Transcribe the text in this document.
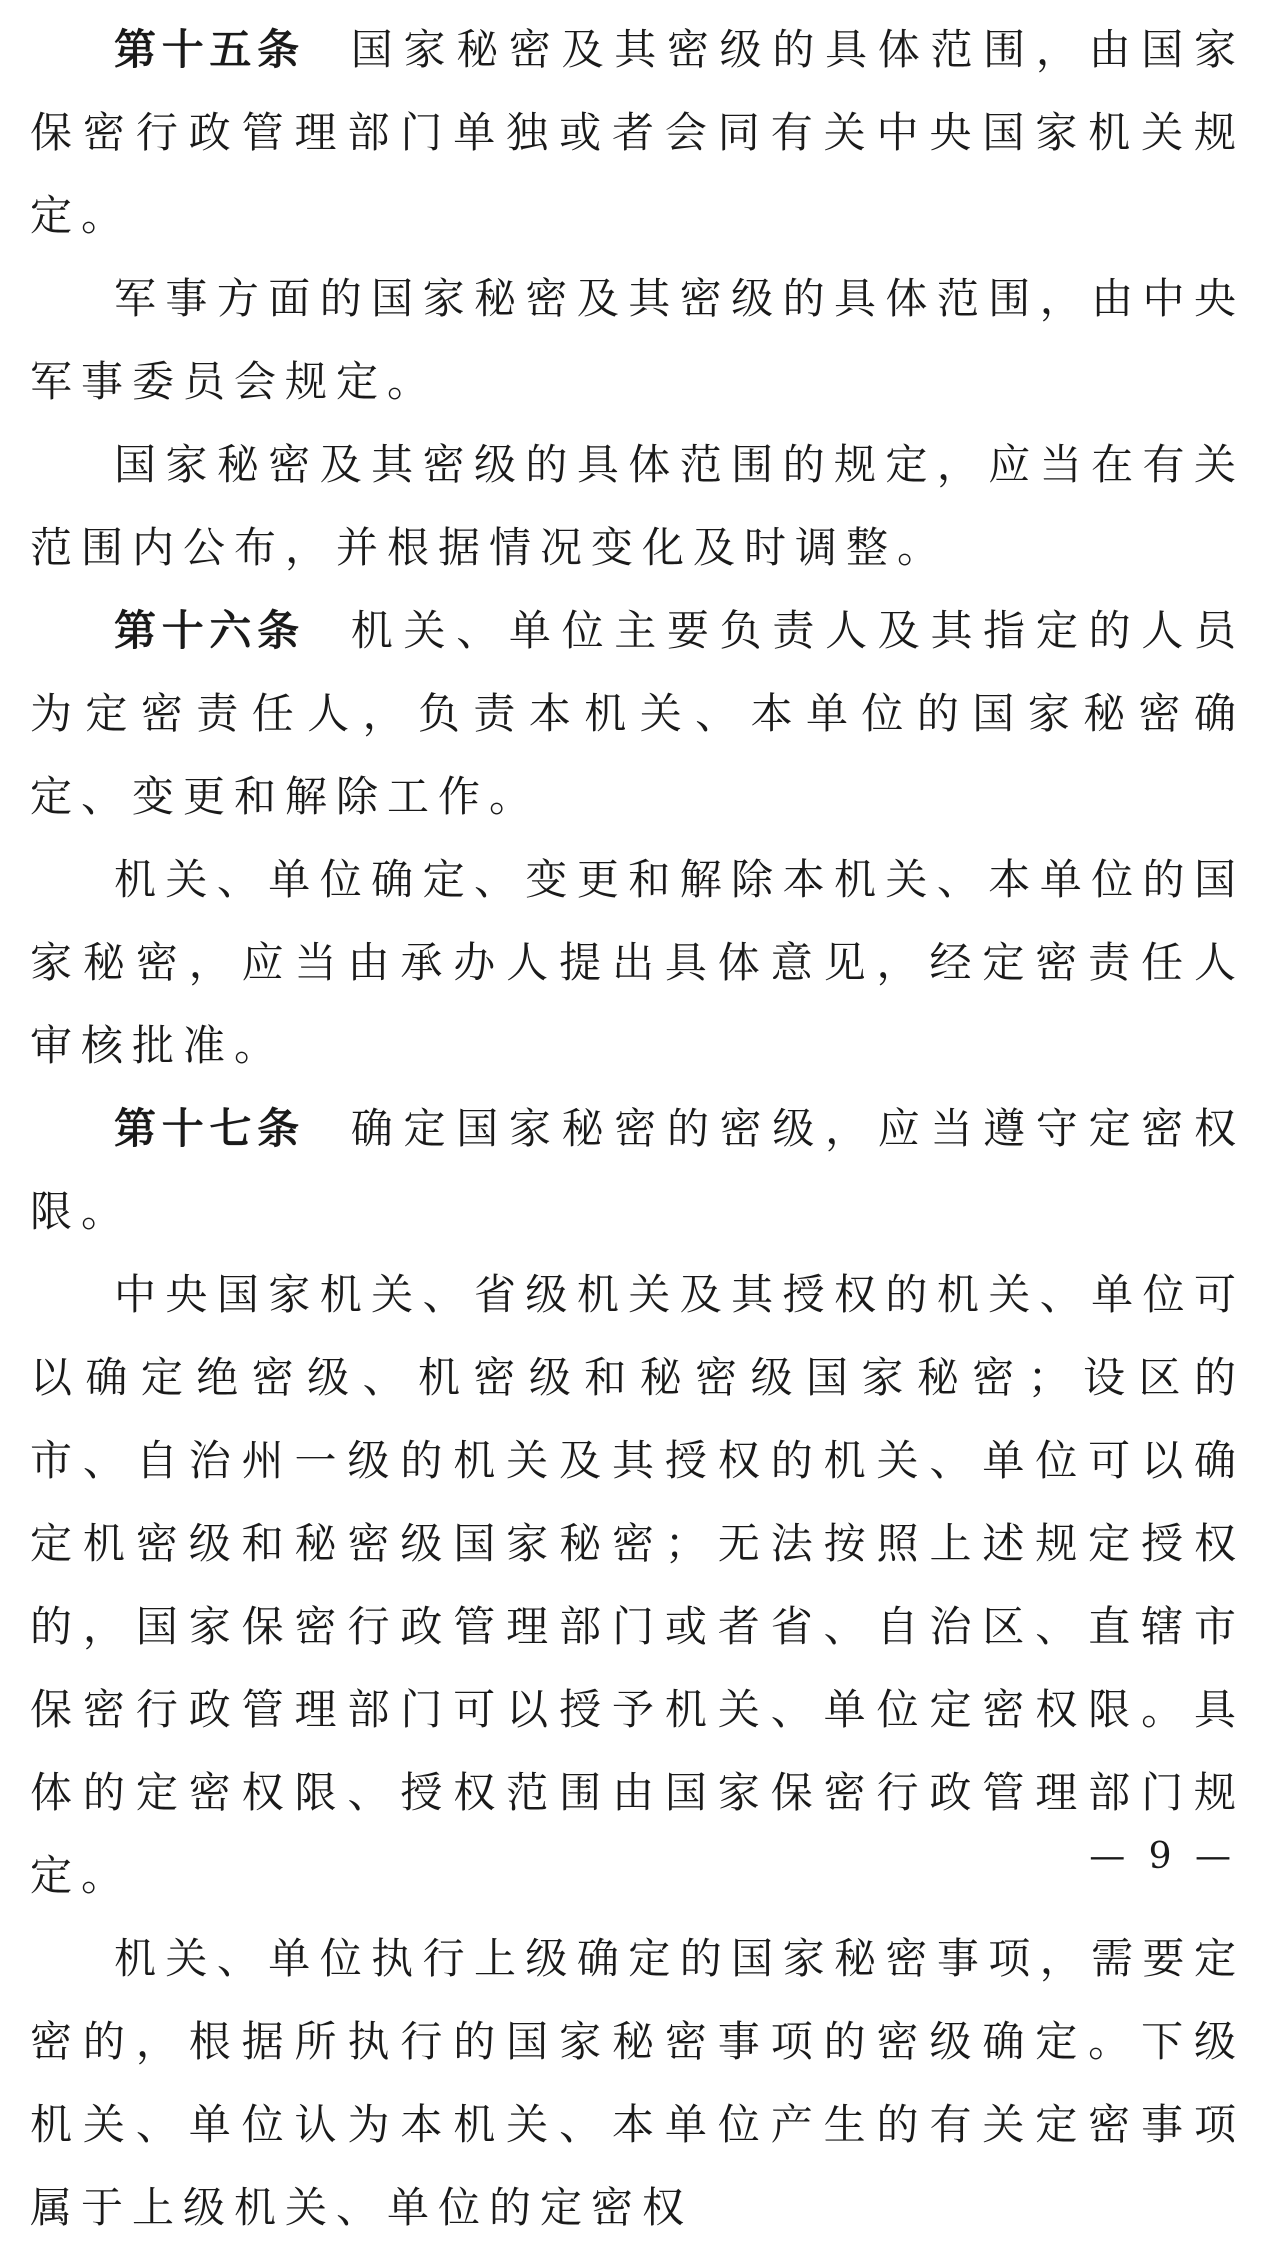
第十五条 国家秘密及其密级的具体范围，由国家保密行政管理部门单独或者会同有关中央国家机关规定。

军事方面的国家秘密及其密级的具体范围，由中央军事委员会规定。

国家秘密及其密级的具体范围的规定，应当在有关范围内公布，并根据情况变化及时调整。

第十六条 机关、单位主要负责人及其指定的人员为定密责任人，负责本机关、本单位的国家秘密确定、变更和解除工作。

机关、单位确定、变更和解除本机关、本单位的国家秘密，应当由承办人提出具体意见，经定密责任人审核批准。

第十七条 确定国家秘密的密级，应当遵守定密权限。

中央国家机关、省级机关及其授权的机关、单位可以确定绝密级、机密级和秘密级国家秘密；设区的市、自治州一级的机关及其授权的机关、单位可以确定机密级和秘密级国家秘密；无法按照上述规定授权的，国家保密行政管理部门或者省、自治区、直辖市保密行政管理部门可以授予机关、单位定密权限。具体的定密权限、授权范围由国家保密行政管理部门规定。

机关、单位执行上级确定的国家秘密事项，需要定密的，根据所执行的国家秘密事项的密级确定。下级机关、单位认为本机关、本单位产生的有关定密事项属于上级机关、单位的定密权

— 9 —
